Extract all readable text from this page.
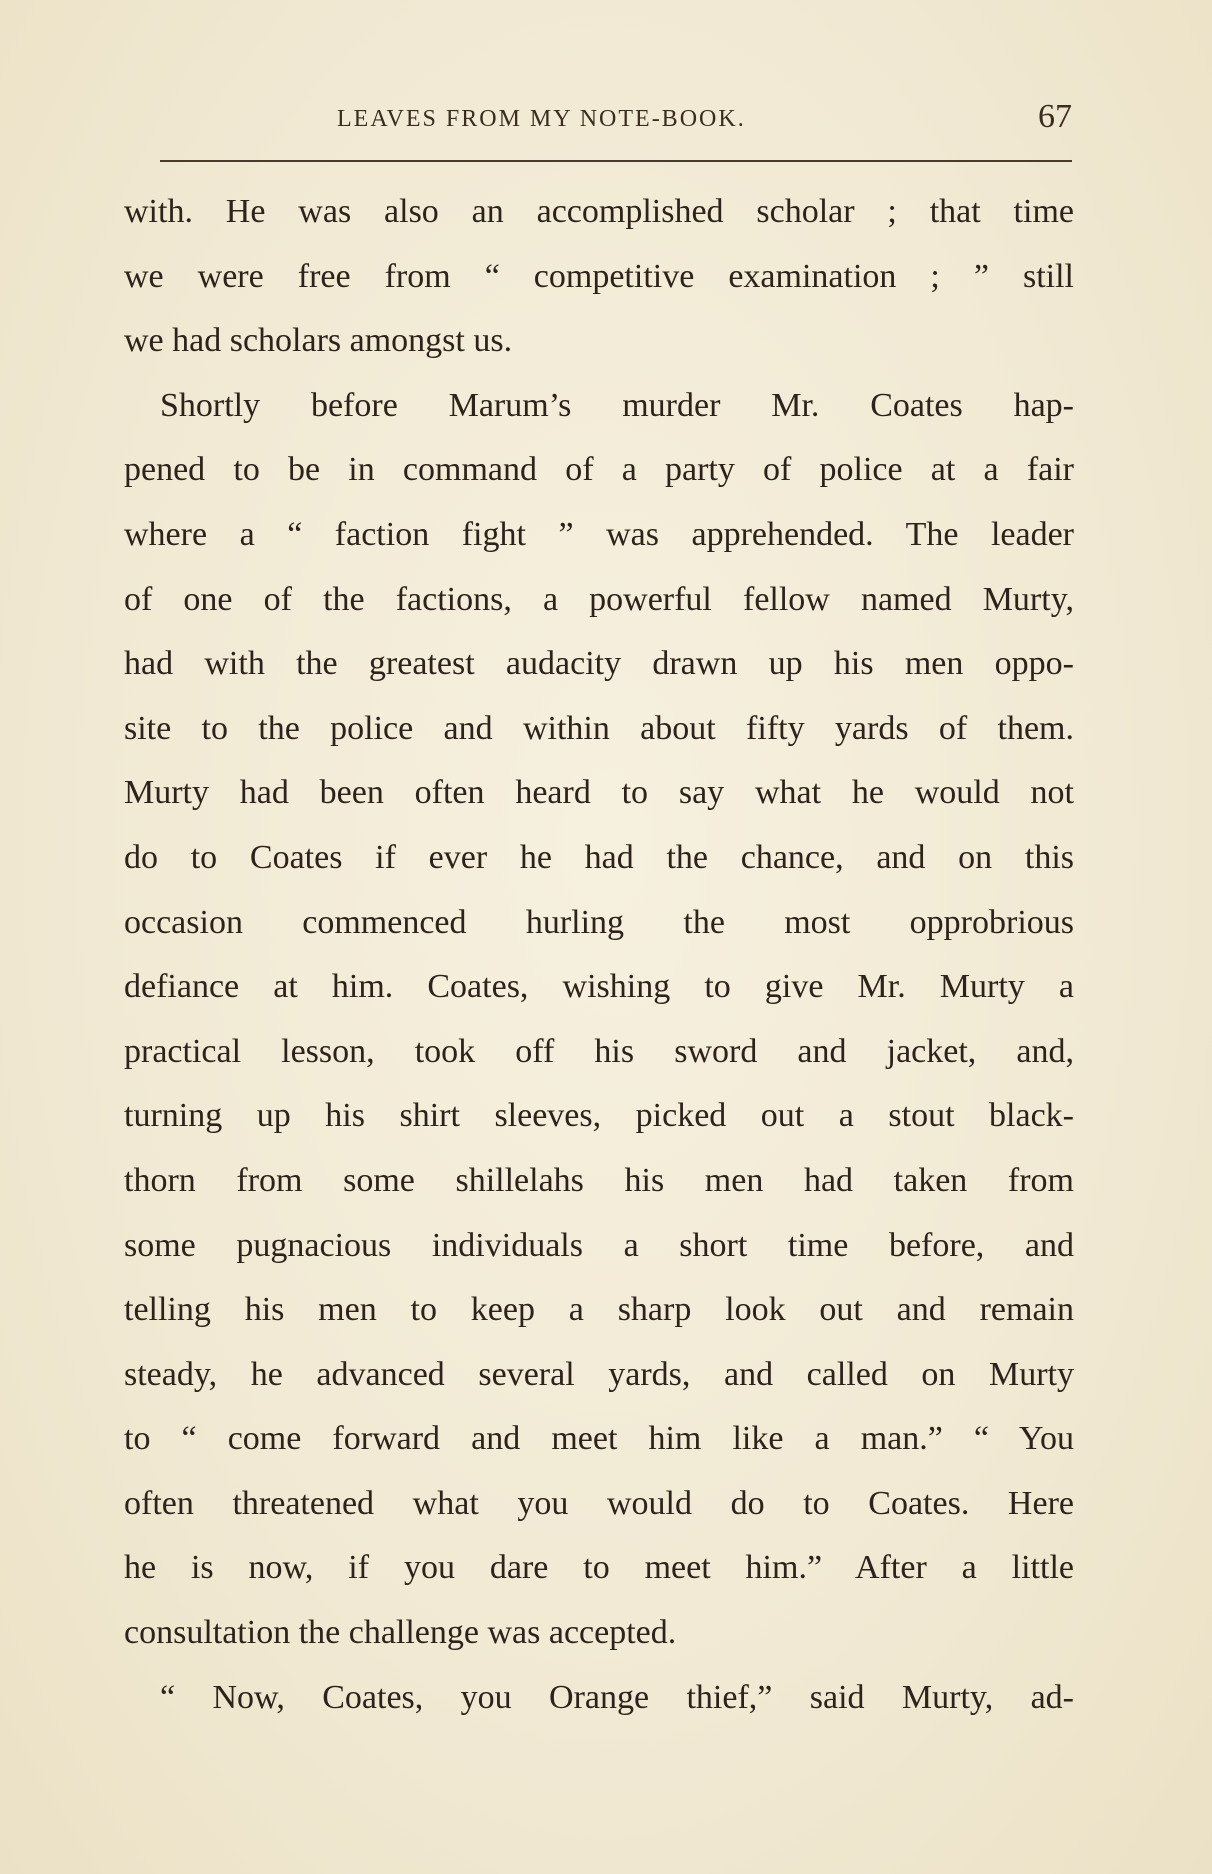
LEAVES FROM MY NOTE-BOOK.	67
with. He was also an accomplished scholar ; that time
we were free from “ competitive examination ; ” still
we had scholars amongst us.
Shortly before Marum’s murder Mr. Coates hap-
pened to be in command of a party of police at a fair
where a “ faction fight ” was apprehended. The leader
of one of the factions, a powerful fellow named Murty,
had with the greatest audacity drawn up his men oppo-
site to the police and within about fifty yards of them.
Murty had been often heard to say what he would not
do to Coates if ever he had the chance, and on this
occasion commenced hurling the most opprobrious
defiance at him. Coates, wishing to give Mr. Murty a
practical lesson, took off his sword and jacket, and,
turning up his shirt sleeves, picked out a stout black-
thorn from some shillelahs his men had taken from
some pugnacious individuals a short time before, and
telling his men to keep a sharp look out and remain
steady, he advanced several yards, and called on Murty
to “ come forward and meet him like a man.” “ You
often threatened what you would do to Coates. Here
he is now, if you dare to meet him.” After a little
consultation the challenge was accepted.
“ Now, Coates, you Orange thief,” said Murty, ad-
